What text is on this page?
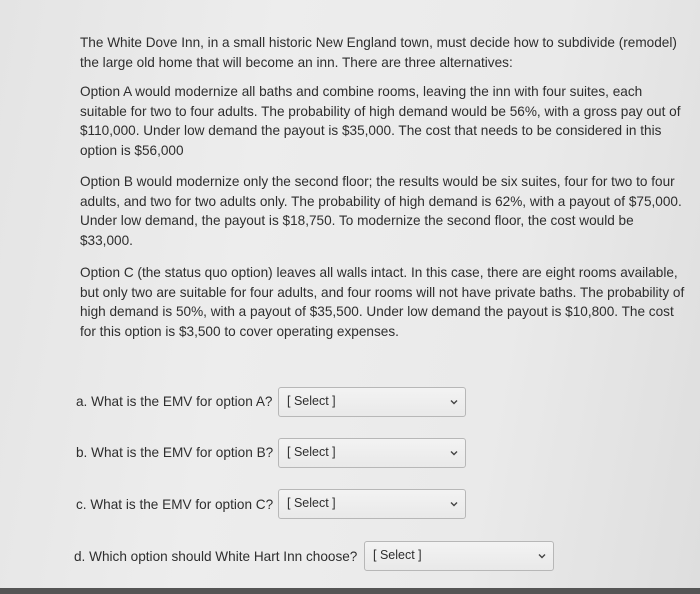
The White Dove Inn, in a small historic New England town, must decide how to subdivide (remodel) the large old home that will become an inn. There are three alternatives:
Option A would modernize all baths and combine rooms, leaving the inn with four suites, each suitable for two to four adults. The probability of high demand would be 56%, with a gross pay out of $110,000. Under low demand the payout is $35,000. The cost that needs to be considered in this option is $56,000
Option B would modernize only the second floor; the results would be six suites, four for two to four adults, and two for two adults only. The probability of high demand is 62%, with a payout of $75,000. Under low demand, the payout is $18,750. To modernize the second floor, the cost would be $33,000.
Option C (the status quo option) leaves all walls intact. In this case, there are eight rooms available, but only two are suitable for four adults, and four rooms will not have private baths. The probability of high demand is 50%, with a payout of $35,500. Under low demand the payout is $10,800. The cost for this option is $3,500 to cover operating expenses.
a. What is the EMV for option A? [ Select ]
b. What is the EMV for option B? [ Select ]
c. What is the EMV for option C? [ Select ]
d. Which option should White Hart Inn choose? [ Select ]
